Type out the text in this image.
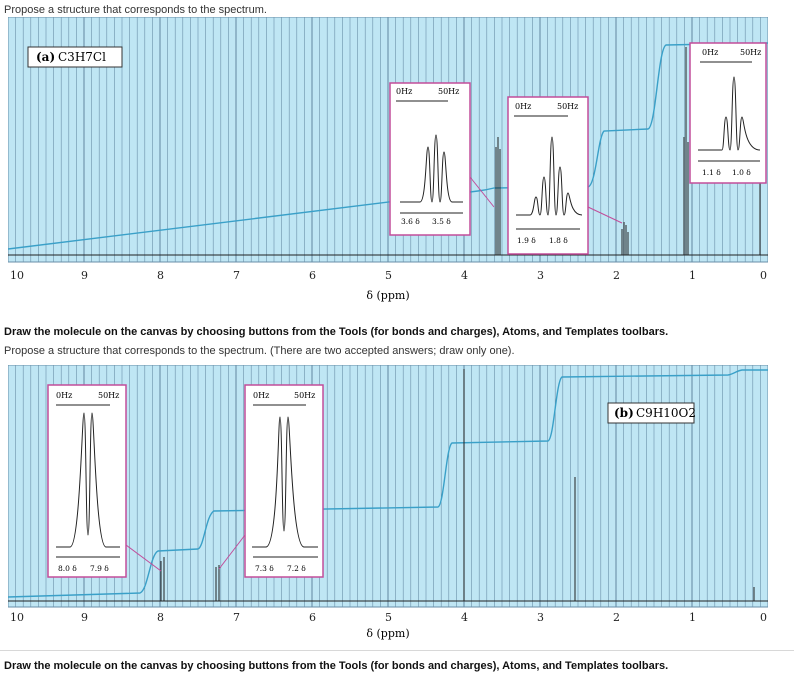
Propose a structure that corresponds to the spectrum.
(a) C3H7Cl
0Hz	50Hz
3.6 δ 3.5 δ
0Hz	50Hz
1.9 δ 1.8 δ
0Hz	50Hz
1.1 δ 1.0 δ
10	9	8	7	6	5	4	3	2	1	0
δ (ppm)
Draw the molecule on the canvas by choosing buttons from the Tools (for bonds and charges), Atoms, and Templates toolbars.
Propose a structure that corresponds to the spectrum. (There are two accepted answers; draw only one).
(b) C9H10O2
0Hz	50Hz
8.0 δ 7.9 δ
0Hz	50Hz
7.3 δ 7.2 δ
10	9	8	7	6	5	4	3	2	1	0
δ (ppm)
Draw the molecule on the canvas by choosing buttons from the Tools (for bonds and charges), Atoms, and Templates toolbars.
